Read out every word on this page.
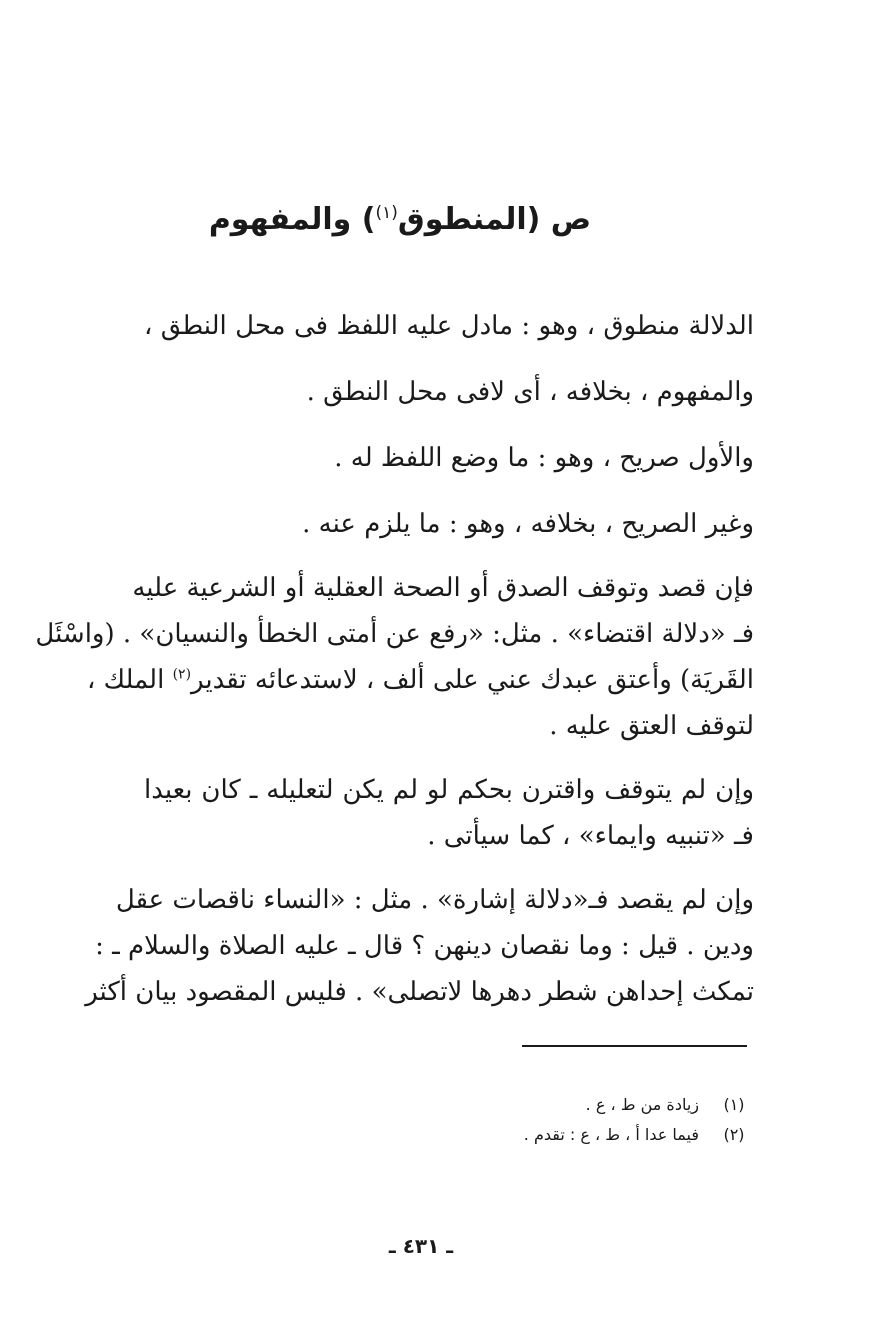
ص (المنطوق$^{(١)}$) والمفهوم

الدلالة منطوق ، وهو : مادل عليه اللفظ فى محل النطق ،

والمفهوم ، بخلافه ، أى لافى محل النطق .

والأول صريح ، وهو : ما وضع اللفظ له .

وغير الصريح ، بخلافه ، وهو : ما يلزم عنه .

فإن قصد وتوقف الصدق أو الصحة العقلية أو الشرعية عليه

فـ «دلالة اقتضاء» . مثل: «رفع عن أمتى الخطأ والنسيان» . (واسْئَل

القَريَة) وأعتق عبدك عني على ألف ، لاستدعائه تقدير$^{(٢)}$ الملك ،

لتوقف العتق عليه .

وإن لم يتوقف واقترن بحكم لو لم يكن لتعليله ـ كان بعيدا

فـ «تنبيه وايماء» ، كما سيأتى .

وإن لم يقصد فـ«دلالة إشارة» . مثل : «النساء ناقصات عقل

ودين . قيل : وما نقصان دينهن ؟ قال ـ عليه الصلاة والسلام ـ :

تمكث إحداهن شطر دهرها لاتصلى» . فليس المقصود بيان أكثر

(١)
زيادة من ط ، ع .
(٢)
فيما عدا أ ، ط ، ع : تقدم .
ـ ٤٣١ ـ
